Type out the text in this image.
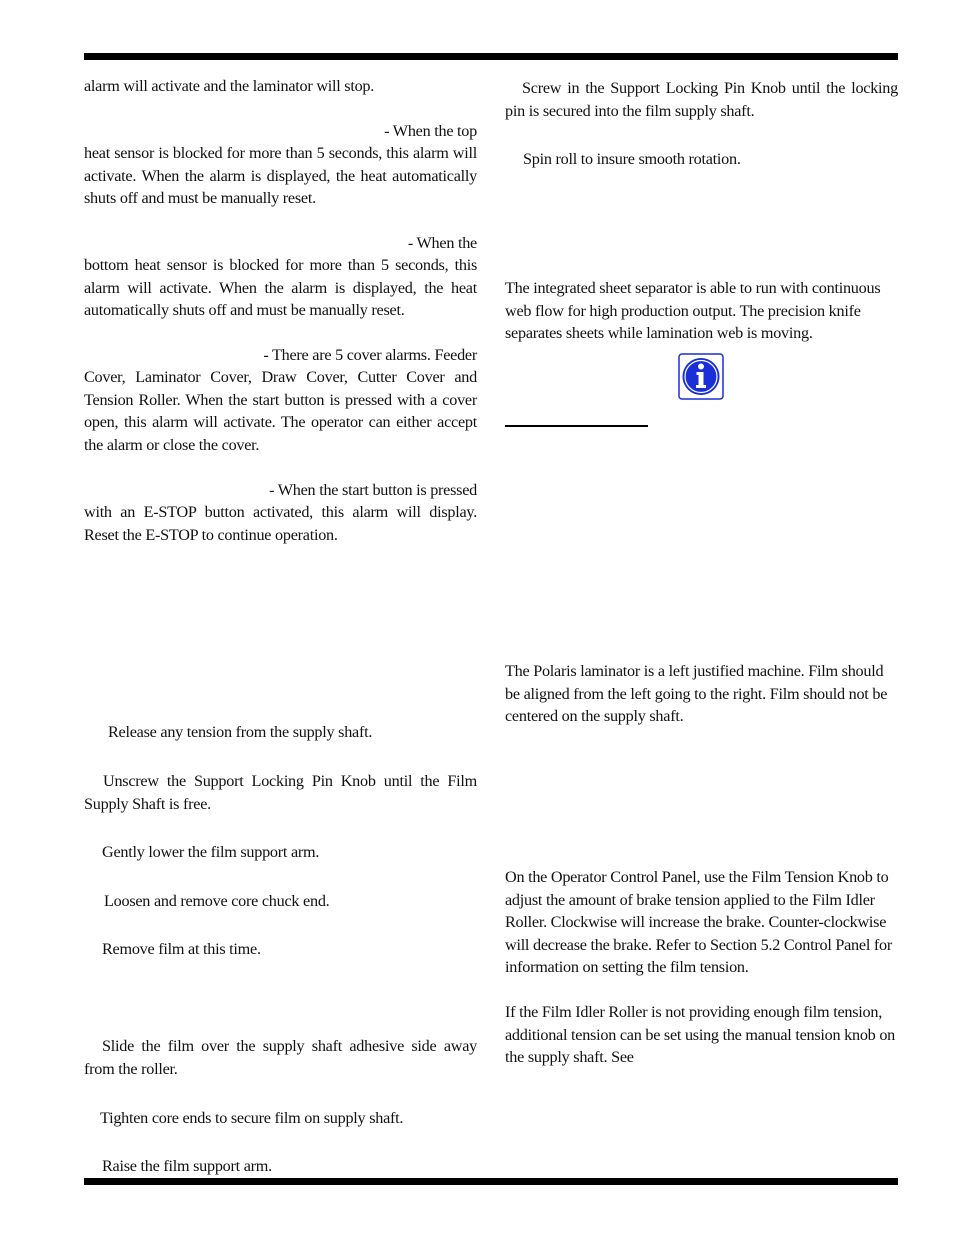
alarm will activate and the laminator will stop.

- When the top

heat sensor is blocked for more than 5 seconds, this alarm will activate. When the alarm is displayed, the heat automatically shuts off and must be manually reset.

- When the

bottom heat sensor is blocked for more than 5 seconds, this alarm will activate. When the alarm is displayed, the heat automatically shuts off and must be manually reset.

- There are 5 cover alarms. Feeder

Cover, Laminator Cover, Draw Cover, Cutter Cover and Tension Roller. When the start button is pressed with a cover open, this alarm will activate. The operator can either accept the alarm or close the cover.

- When the start button is pressed

with an E-STOP button activated, this alarm will display. Reset the E-STOP to continue operation.

Release any tension from the supply shaft.

Unscrew the Support Locking Pin Knob until the Film Supply Shaft is free.

Gently lower the film support arm.

Loosen and remove core chuck end.

Remove film at this time.

Slide the film over the supply shaft adhesive side away from the roller.

Tighten core ends to secure film on supply shaft.

Raise the film support arm.

Screw in the Support Locking Pin Knob until the locking pin is secured into the film supply shaft.

Spin roll to insure smooth rotation.

The integrated sheet separator is able to run with continuous web flow for high production output. The precision knife separates sheets while lamination web is moving.

The Polaris laminator is a left justified machine. Film should be aligned from the left going to the right. Film should not be centered on the supply shaft.

On the Operator Control Panel, use the Film Tension Knob to adjust the amount of brake tension applied to the Film Idler Roller. Clockwise will increase the brake. Counter-clockwise will decrease the brake. Refer to Section 5.2 Control Panel for information on setting the film tension.

If the Film Idler Roller is not providing enough film tension, additional tension can be set using the manual tension knob on the supply shaft. See
